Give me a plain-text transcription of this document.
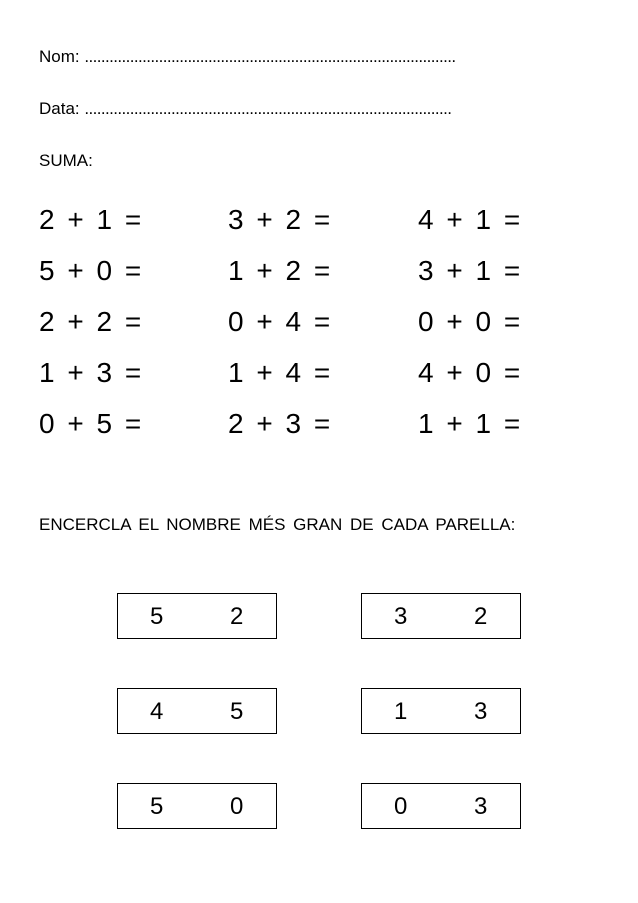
Nom: ..........................................................................................
Data: .........................................................................................
SUMA:
2 + 1 =	3 + 2 =	4 + 1 =
5 + 0 =	1 + 2 =	3 + 1 =
2 + 2 =	0 + 4 =	0 + 0 =
1 + 3 =	1 + 4 =	4 + 0 =
0 + 5 =	2 + 3 =	1 + 1 =
ENCERCLA EL NOMBRE MÉS GRAN DE CADA PARELLA:
5	2	3	2
4	5	1	3
5	0	0	3
